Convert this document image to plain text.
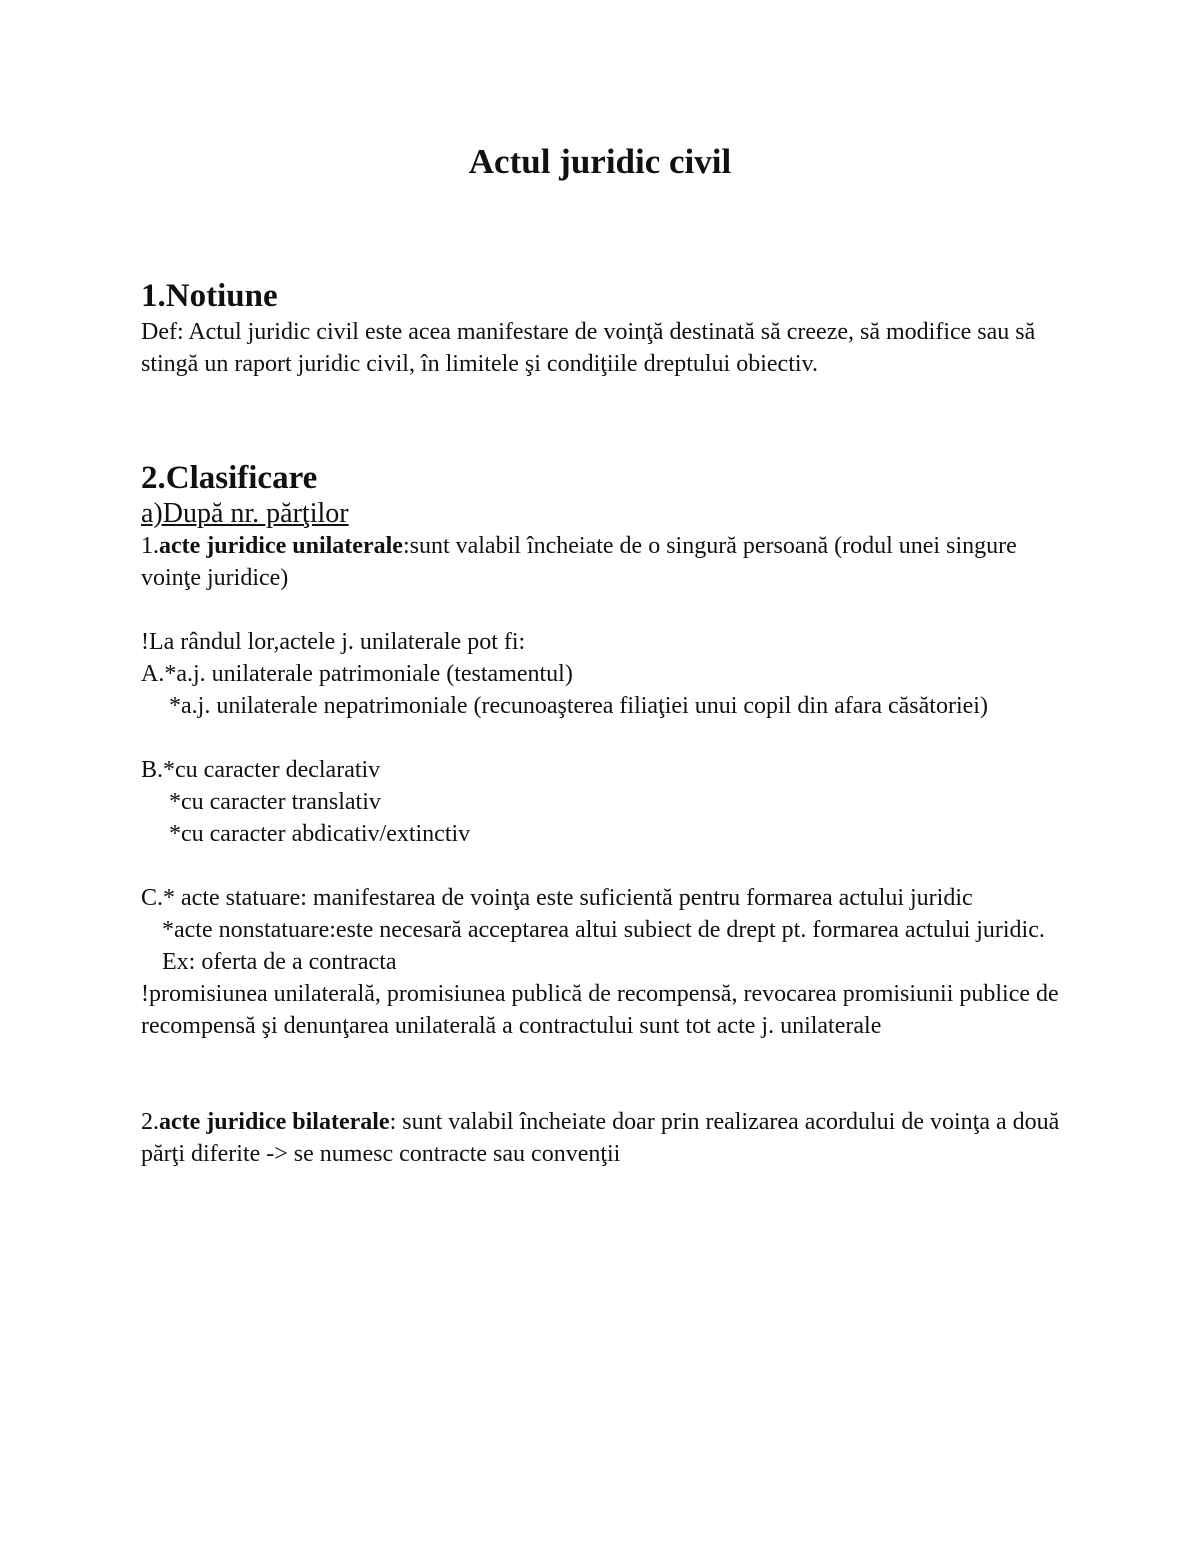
Actul juridic civil

1.Notiune

Def: Actul juridic civil este acea manifestare de voinţă destinată să creeze, să modifice sau să stingă un raport juridic civil, în limitele şi condiţiile dreptului obiectiv.

2.Clasificare

a)După nr. părţilor

1.acte juridice unilaterale:sunt valabil încheiate de o singură persoană (rodul unei singure voinţe juridice)

!La rândul lor,actele j. unilaterale pot fi:

A.*a.j. unilaterale patrimoniale (testamentul)

*a.j. unilaterale nepatrimoniale (recunoaşterea filiaţiei unui copil din afara căsătoriei)

B.*cu caracter declarativ

*cu caracter translativ

*cu caracter abdicativ/extinctiv

C.* acte statuare: manifestarea de voinţa este suficientă pentru formarea actului juridic

*acte nonstatuare:este necesară acceptarea altui subiect de drept pt. formarea actului juridic. Ex: oferta de a contracta

!promisiunea unilaterală, promisiunea publică de recompensă, revocarea promisiunii publice de recompensă şi denunţarea unilaterală a contractului sunt tot acte j. unilaterale

2.acte juridice bilaterale: sunt valabil încheiate doar prin realizarea acordului de voinţa a două părţi diferite -> se numesc contracte sau convenţii
